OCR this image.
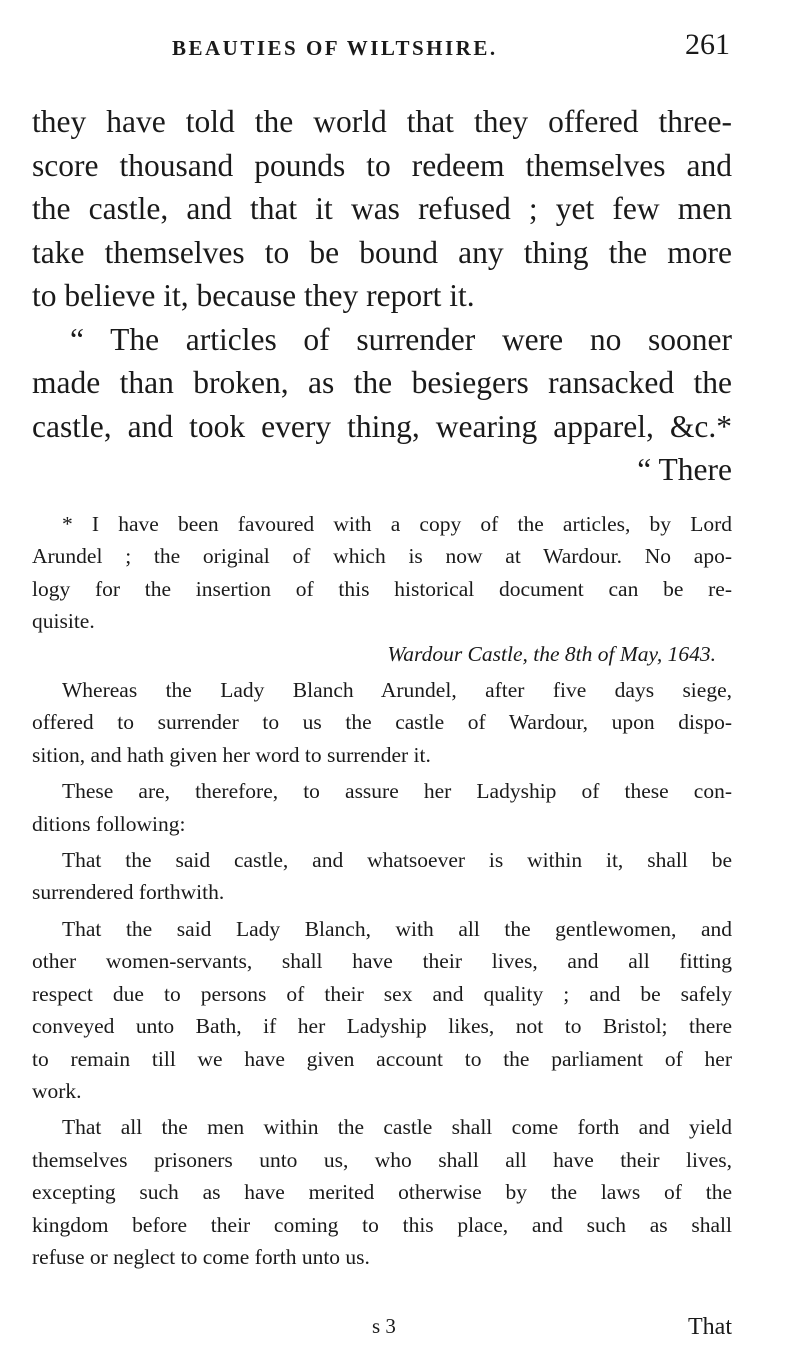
BEAUTIES OF WILTSHIRE.	261
they have told the world that they offered three-
score thousand pounds to redeem themselves and
the castle, and that it was refused ; yet few men
take themselves to be bound any thing the more
to believe it, because they report it.
“ The articles of surrender were no sooner
made than broken, as the besiegers ransacked the
castle, and took every thing, wearing apparel, &c.*
“ There
* I have been favoured with a copy of the articles, by Lord
Arundel ; the original of which is now at Wardour. No apo-
logy for the insertion of this historical document can be re-
quisite.
Wardour Castle, the 8th of May, 1643.
Whereas the Lady Blanch Arundel, after five days siege,
offered to surrender to us the castle of Wardour, upon dispo-
sition, and hath given her word to surrender it.
These are, therefore, to assure her Ladyship of these con-
ditions following:
That the said castle, and whatsoever is within it, shall be
surrendered forthwith.
That the said Lady Blanch, with all the gentlewomen, and
other women-servants, shall have their lives, and all fitting
respect due to persons of their sex and quality ; and be safely
conveyed unto Bath, if her Ladyship likes, not to Bristol; there
to remain till we have given account to the parliament of her
work.
That all the men within the castle shall come forth and yield
themselves prisoners unto us, who shall all have their lives,
excepting such as have merited otherwise by the laws of the
kingdom before their coming to this place, and such as shall
refuse or neglect to come forth unto us.
s 3	That
